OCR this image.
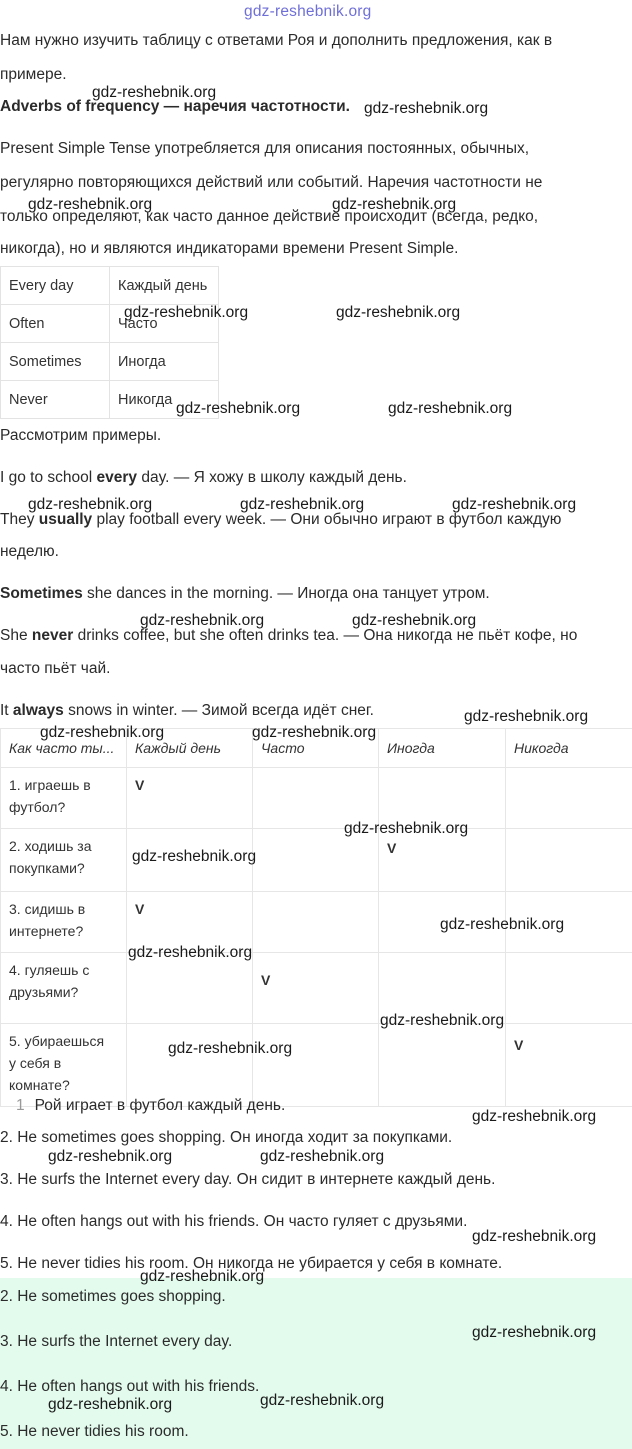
gdz-reshebnik.org
Нам нужно изучить таблицу с ответами Роя и дополнить предложения, как в
примере.
Adverbs of frequency — наречия частотности.
Present Simple Tense употребляется для описания постоянных, обычных,
регулярно повторяющихся действий или событий. Наречия частотности не
только определяют, как часто данное действие происходит (всегда, редко,
никогда), но и являются индикаторами времени Present Simple.
Every day	Каждый день
Often	Часто
Sometimes	Иногда
Never	Никогда
Рассмотрим примеры.
I go to school every day. — Я хожу в школу каждый день.
They usually play football every week. — Они обычно играют в футбол каждую
неделю.
Sometimes she dances in the morning. — Иногда она танцует утром.
She never drinks coffee, but she often drinks tea. — Она никогда не пьёт кофе, но
часто пьёт чай.
It always snows in winter. — Зимой всегда идёт снег.
Как часто ты...	Каждый день	Часто	Иногда	Никогда
1. играешь в
футбол?	V			
2. ходишь за
покупками?			V	
3. сидишь в
интернете?	V			
4. гуляешь с
друзьями?		V		
5. убираешься
у себя в
комнате?				V
1 Рой играет в футбол каждый день.
2. He sometimes goes shopping. Он иногда ходит за покупками.
3. He surfs the Internet every day. Он сидит в интернете каждый день.
4. He often hangs out with his friends. Он часто гуляет с друзьями.
5. He never tidies his room. Он никогда не убирается у себя в комнате.
2. He sometimes goes shopping.
3. He surfs the Internet every day.
4. He often hangs out with his friends.
5. He never tidies his room.
gdz-reshebnik.org
gdz-reshebnik.org
gdz-reshebnik.org	gdz-reshebnik.org
gdz-reshebnik.org	gdz-reshebnik.org
gdz-reshebnik.org	gdz-reshebnik.org
gdz-reshebnik.org	gdz-reshebnik.org	gdz-reshebnik.org
gdz-reshebnik.org	gdz-reshebnik.org
gdz-reshebnik.org
gdz-reshebnik.org	gdz-reshebnik.org
gdz-reshebnik.org
gdz-reshebnik.org
gdz-reshebnik.org
gdz-reshebnik.org
gdz-reshebnik.org
gdz-reshebnik.org
gdz-reshebnik.org
gdz-reshebnik.org	gdz-reshebnik.org
gdz-reshebnik.org
gdz-reshebnik.org
gdz-reshebnik.org
gdz-reshebnik.org	gdz-reshebnik.org
